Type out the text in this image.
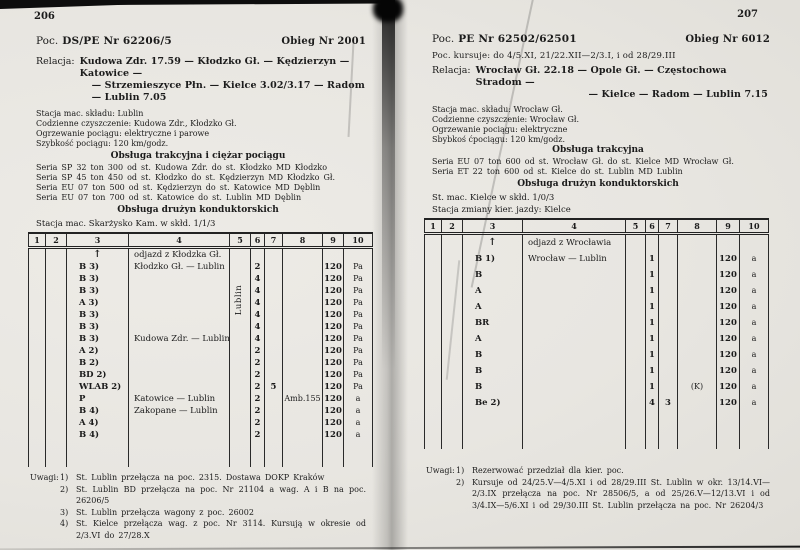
206
Poc. DS/PE Nr 62206/5	Obieg Nr 2001
Relacja: Kudowa Zdr. 17.59 — Kłodzko Gł. — Kędzierzyn — Katowice —
— Strzemieszyce Płn. — Kielce 3.02/3.17 — Radom — Lublin 7.05
Stacja mac. składu: Lublin
Codzienne czyszczenie: Kudowa Zdr., Kłodzko Gł.
Ogrzewanie pociągu: elektryczne i parowe
Szybkość pociągu: 120 km/godz.
Obsługa trakcyjna i ciężar pociągu
Seria SP 32 ton 300 od st. Kudowa Zdr. do st. Kłodzko MD Kłodzko
Seria SP 45 ton 450 od st. Kłodzko do st. Kędzierzyn MD Kłodzko Gł.
Seria EU 07 ton 500 od st. Kędzierzyn do st. Katowice MD Dęblin
Seria EU 07 ton 700 od st. Katowice do st. Lublin MD Dęblin
Obsługa drużyn konduktorskich
Stacja mac. Skarżysko Kam. w skłd. 1/1/3
1	2	3	4	5	6	7	8	9	10
		↑	odjazd z Kłodzka Gł.						
		B 3)	Kłodzko Gł. — Lublin		2			120	Pa
		B 3)			4			120	Pa
		B 3)			4			120	Pa
		A 3)			4			120	Pa
		B 3)			4			120	Pa
		B 3)			4			120	Pa
		B 3)	Kudowa Zdr. — Lublin		4			120	Pa
		A 2)			2			120	Pa
		B 2)			2			120	Pa
		BD 2)			2			120	Pa
		WLAB 2)			2	5		120	Pa
		P	Katowice — Lublin		2		Amb.155	120	a
		B 4)	Zakopane — Lublin		2			120	a
		A 4)			2			120	a
		B 4)			2			120	a

Uwagi: 1) St. Lublin przełącza na poc. 2315. Dostawa DOKP Kraków
2) St. Lublin BD przełącza na poc. Nr 21104 a wag. A i B na poc. 26206/5
3) St. Lublin przełącza wagony z poc. 26002
4) St. Kielce przełącza wag. z poc. Nr 3114. Kursują w okresie od 2/3.VI do 27/28.X
Lublin
207
Poc. PE Nr 62502/62501	Obieg Nr 6012
Poc. kursuje: do 4/5.XI, 21/22.XII—2/3.I, i od 28/29.III
Relacja: Wrocław Gł. 22.18 — Opole Gł. — Częstochowa Stradom —
— Kielce — Radom — Lublin 7.15
Stacja mac. składu: Wrocław Gł.
Codzienne czyszczenie: Wrocław Gł.
Ogrzewanie pociągu: elektryczne
Sbybkoś ćpociągu: 120 km/godz.
Obsługa trakcyjna
Seria EU 07 ton 600 od st. Wrocław Gł. do st. Kielce MD Wrocław Gł.
Seria ET 22 ton 600 od st. Kielce do st. Lublin MD Lublin
Obsługa drużyn konduktorskich
St. mac. Kielce w skłd. 1/0/3
Stacja zmiany kier. jazdy: Kielce
1	2	3	4	5	6	7	8	9	10
		↑	odjazd z Wrocławia						
		B 1)	Wrocław — Lublin		1			120	a
		B			1			120	a
		A			1			120	a
		A			1			120	a
		BR			1			120	a
		A			1			120	a
		B			1			120	a
		B			1			120	a
		B			1		(K)	120	a
		Be 2)			4	3		120	a

Uwagi: 1) Rezerwować przedział dla kier. poc.
2) Kursuje od 24/25.V—4/5.XI i od 28/29.III St. Lublin w okr. 13/14.VI—2/3.IX przełącza na poc. Nr 28506/5, a od 25/26.V—12/13.VI i od 3/4.IX—5/6.XI i od 29/30.III St. Lublin przełącza na poc. Nr 26204/3
